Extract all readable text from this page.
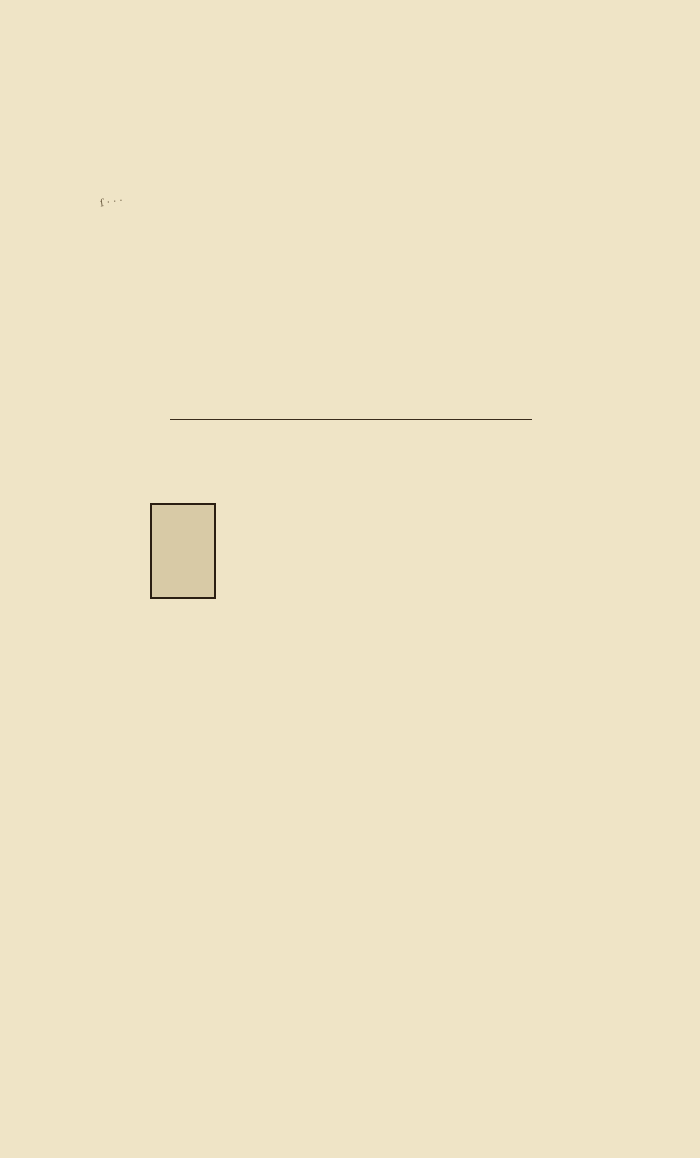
ſ · · ·
